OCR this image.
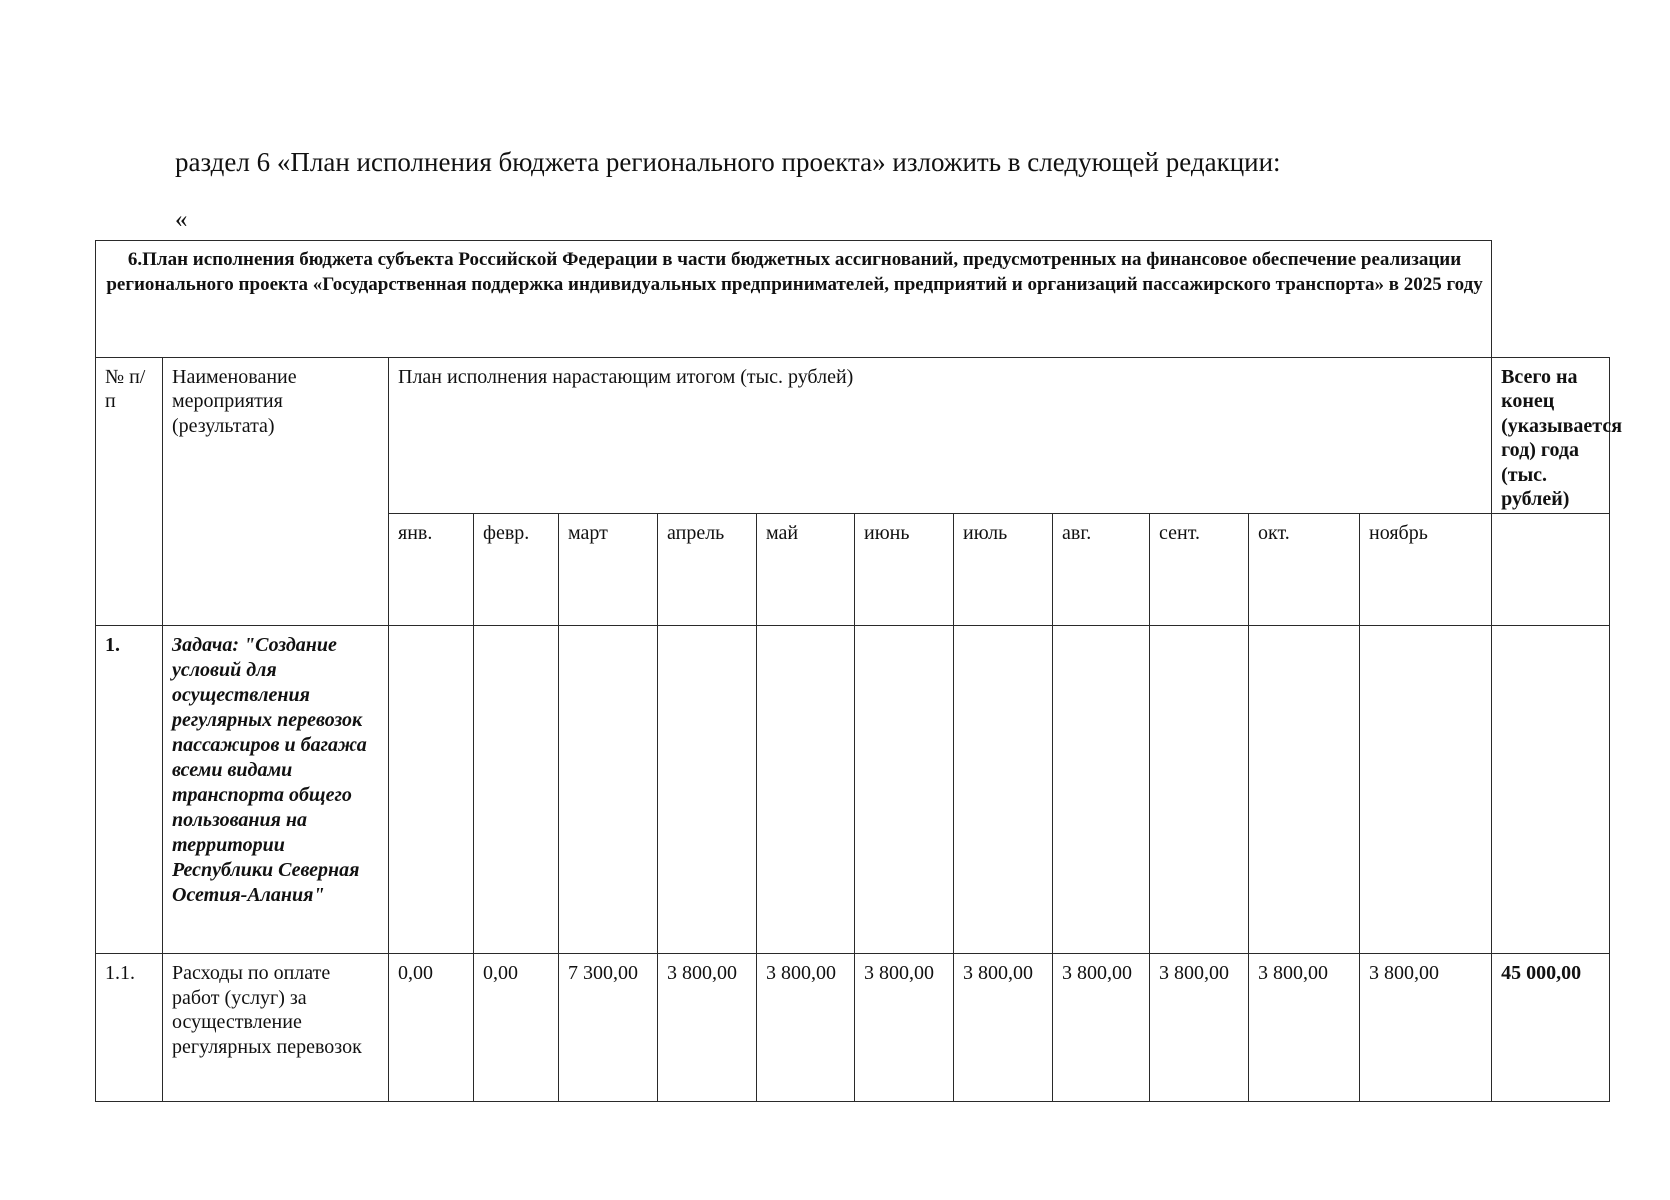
раздел 6 «План исполнения бюджета регионального проекта» изложить в следующей редакции:
«
6.План исполнения бюджета субъекта Российской Федерации в части бюджетных ассигнований, предусмотренных на финансовое обеспечение реализации регионального проекта «Государственная поддержка индивидуальных предпринимателей, предприятий и организаций пассажирского транспорта» в 2025 году													
№ п/п	Наименование мероприятия (результата)	План исполнения нарастающим итогом (тыс. рублей)											Всего на конец (указывается год) года (тыс. рублей)
		янв.	февр.	март	апрель	май	июнь	июль	авг.	сент.	окт.	ноябрь	
1.	Задача: "Создание условий для осуществления регулярных перевозок пассажиров и багажа всеми видами транспорта общего пользования на территории Республики Северная Осетия-Алания"												
1.1.	Расходы по оплате работ (услуг) за осуществление регулярных перевозок	0,00	0,00	7 300,00	3 800,00	3 800,00	3 800,00	3 800,00	3 800,00	3 800,00	3 800,00	3 800,00	45 000,00
